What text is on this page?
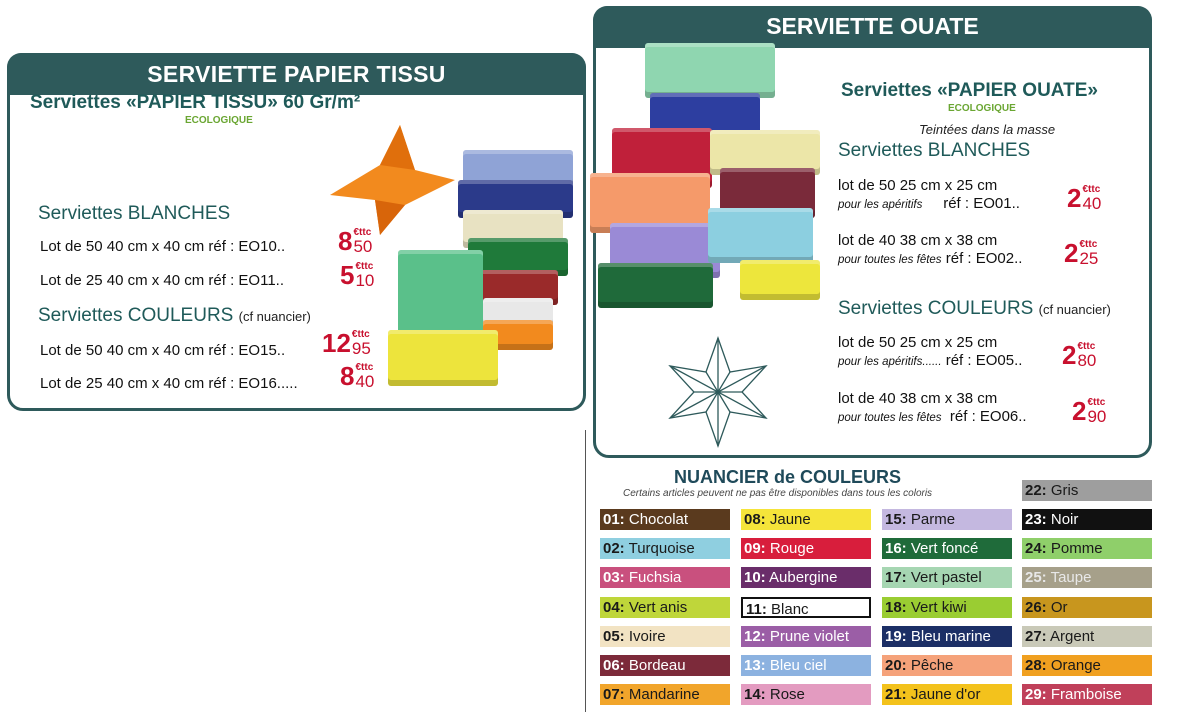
SERVIETTE PAPIER TISSU
Serviettes «PAPIER TISSU» 60 Gr/m²
ECOLOGIQUE
Serviettes BLANCHES
Lot de 50 40 cm x 40 cm réf : EO10.. 8 €ttc
50
Lot de 25 40 cm x 40 cm réf : EO11.. 5 €ttc
10
Serviettes COULEURS (cf nuancier)
Lot de 50 40 cm x 40 cm réf : EO15.. 12 €ttc
95
Lot de 25 40 cm x 40 cm réf : EO16..... 8 €ttc
40
SERVIETTE OUATE
Serviettes «PAPIER OUATE»
ECOLOGIQUE
Teintées dans la masse
Serviettes BLANCHES
lot de 50 25 cm x 25 cm
pour les apéritifs     réf : EO01.. 2 €ttc
40
lot de 40 38 cm x 38 cm
pour toutes les fêtes réf : EO02.. 2 €ttc
25
Serviettes COULEURS (cf nuancier)
lot de 50 25 cm x 25 cm
pour les apéritifs...... réf : EO05.. 2 €ttc
80
lot de 40 38 cm x 38 cm
pour toutes les fêtes  réf : EO06.. 2 €ttc
90
NUANCIER de COULEURS
Certains articles peuvent ne pas être disponibles dans tous les coloris
01: Chocolat
02: Turquoise
03: Fuchsia
04: Vert anis
05: Ivoire
06: Bordeau
07: Mandarine
08: Jaune
09: Rouge
10: Aubergine
11: Blanc
12: Prune violet
13: Bleu ciel
14: Rose
15: Parme
16: Vert foncé
17: Vert pastel
18: Vert kiwi
19: Bleu marine
20: Pêche
21: Jaune d'or
22: Gris
23: Noir
24: Pomme
25: Taupe
26: Or
27: Argent
28: Orange
29: Framboise
